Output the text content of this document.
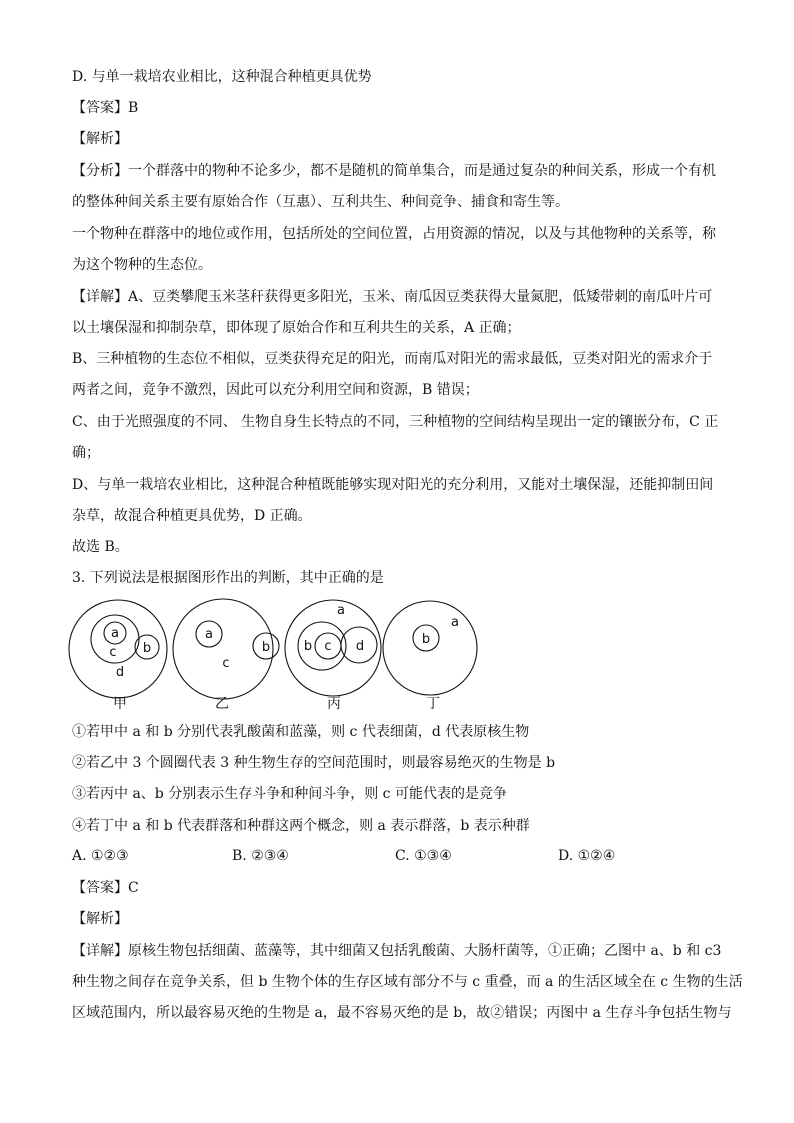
D. 与单一栽培农业相比，这种混合种植更具优势
【答案】B
【解析】
【分析】一个群落中的物种不论多少，都不是随机的简单集合，而是通过复杂的种间关系，形成一个有机
的整体种间关系主要有原始合作（互惠）、互利共生、种间竞争、捕食和寄生等。
一个物种在群落中的地位或作用，包括所处的空间位置，占用资源的情况，以及与其他物种的关系等，称
为这个物种的生态位。
【详解】A、豆类攀爬玉米茎秆获得更多阳光，玉米、南瓜因豆类获得大量氮肥，低矮带刺的南瓜叶片可
以土壤保湿和抑制杂草，即体现了原始合作和互利共生的关系，A 正确；
B、三种植物的生态位不相似，豆类获得充足的阳光，而南瓜对阳光的需求最低，豆类对阳光的需求介于
两者之间，竞争不激烈，因此可以充分利用空间和资源，B 错误；
C、由于光照强度的不同、 生物自身生长特点的不同，三种植物的空间结构呈现出一定的镶嵌分布，C 正
确；
D、与单一栽培农业相比，这种混合种植既能够实现对阳光的充分利用，又能对土壤保湿，还能抑制田间
杂草，故混合种植更具优势，D 正确。
故选 B。
3. 下列说法是根据图形作出的判断，其中正确的是
a
c b
d
a
c
b
a
b c d
a
b
甲	乙	丙	丁
①若甲中 a 和 b 分别代表乳酸菌和蓝藻，则 c 代表细菌，d 代表原核生物
②若乙中 3 个圆圈代表 3 种生物生存的空间范围时，则最容易绝灭的生物是 b
③若丙中 a、b 分别表示生存斗争和种间斗争，则 c 可能代表的是竞争
④若丁中 a 和 b 代表群落和种群这两个概念，则 a 表示群落，b 表示种群
A. ①②③	B. ②③④	C. ①③④	D. ①②④
【答案】C
【解析】
【详解】原核生物包括细菌、蓝藻等，其中细菌又包括乳酸菌、大肠杆菌等，①正确；乙图中 a、b 和 c3
种生物之间存在竞争关系，但 b 生物个体的生存区域有部分不与 c 重叠，而 a 的生活区域全在 c 生物的生活
区域范围内，所以最容易灭绝的生物是 a，最不容易灭绝的是 b，故②错误；丙图中 a 生存斗争包括生物与
